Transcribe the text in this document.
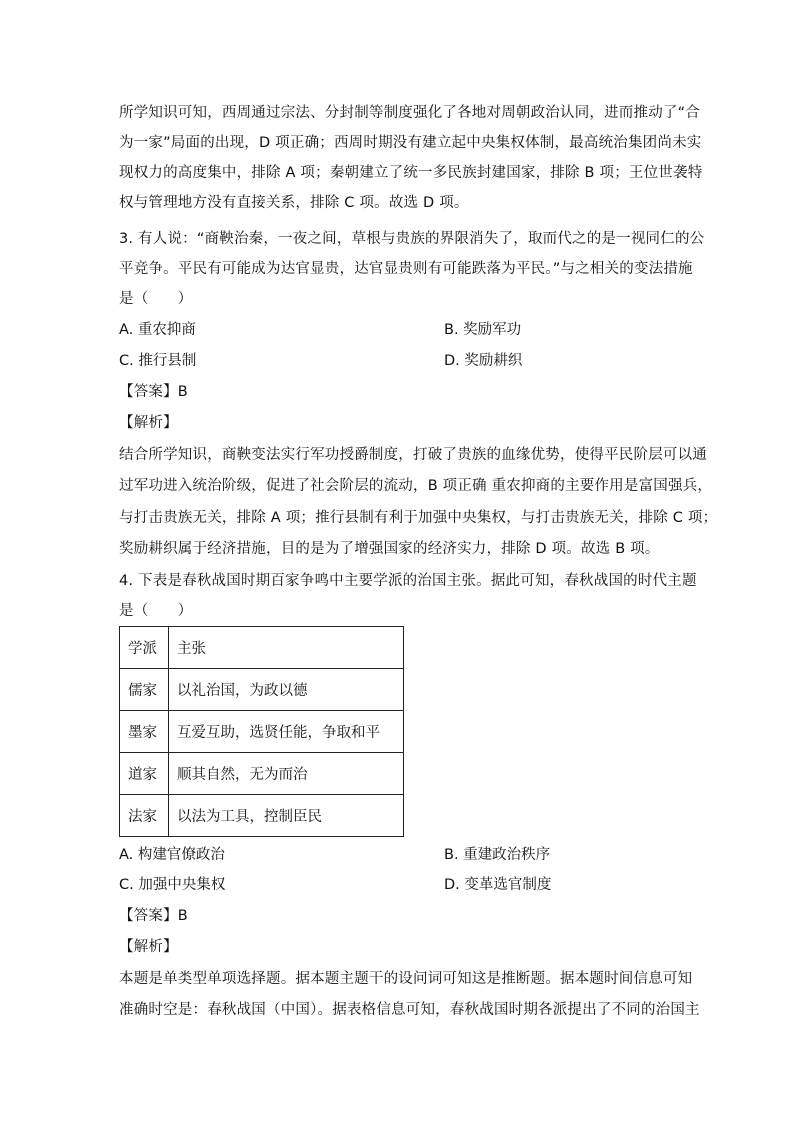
所学知识可知，西周通过宗法、分封制等制度强化了各地对周朝政治认同，进而推动了“合
为一家”局面的出现，D 项正确；西周时期没有建立起中央集权体制，最高统治集团尚未实
现权力的高度集中，排除 A 项；秦朝建立了统一多民族封建国家，排除 B 项；王位世袭特
权与管理地方没有直接关系，排除 C 项。故选 D 项。
3. 有人说：“商鞅治秦，一夜之间，草根与贵族的界限消失了，取而代之的是一视同仁的公
平竞争。平民有可能成为达官显贵，达官显贵则有可能跌落为平民。”与之相关的变法措施
是（　　）
A. 重农抑商	B. 奖励军功
C. 推行县制	D. 奖励耕织
【答案】B
【解析】
结合所学知识，商鞅变法实行军功授爵制度，打破了贵族的血缘优势，使得平民阶层可以通
过军功进入统治阶级，促进了社会阶层的流动，B 项正确 重农抑商的主要作用是富国强兵，
与打击贵族无关，排除 A 项；推行县制有利于加强中央集权，与打击贵族无关，排除 C 项；
奖励耕织属于经济措施，目的是为了增强国家的经济实力，排除 D 项。故选 B 项。
4. 下表是春秋战国时期百家争鸣中主要学派的治国主张。据此可知，春秋战国的时代主题
是（　　）
学派	主张
儒家	以礼治国，为政以德
墨家	互爱互助，选贤任能，争取和平
道家	顺其自然，无为而治
法家	以法为工具，控制臣民
A. 构建官僚政治	B. 重建政治秩序
C. 加强中央集权	D. 变革选官制度
【答案】B
【解析】
本题是单类型单项选择题。据本题主题干的设问词可知这是推断题。据本题时间信息可知
准确时空是：春秋战国（中国）。据表格信息可知，春秋战国时期各派提出了不同的治国主
